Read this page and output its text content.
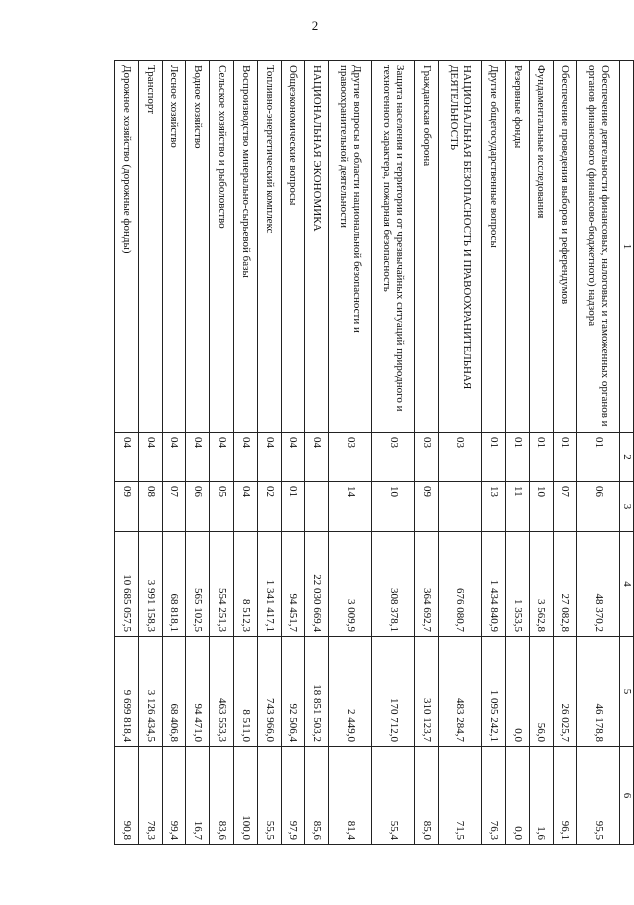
2
1	2	3	4	5	6
Обеспечение деятельности финансовых, налоговых и таможенных органов и органов финансового (финансово-бюджетного) надзора	01	06	48 370,2	46 178,8	95,5
Обеспечение проведения выборов и референдумов	01	07	27 082,8	26 025,7	96,1
Фундаментальные исследования	01	10	3 562,8	56,0	1,6
Резервные фонды	01	11	1 353,5	0,0	0,0
Другие общегосударственные вопросы	01	13	1 434 840,9	1 095 242,1	76,3
НАЦИОНАЛЬНАЯ БЕЗОПАСНОСТЬ И ПРАВООХРАНИТЕЛЬНАЯ ДЕЯТЕЛЬНОСТЬ	03		676 080,7	483 284,7	71,5
Гражданская оборона	03	09	364 692,7	310 123,7	85,0
Защита населения и территории от чрезвычайных ситуаций природного и техногенного характера, пожарная безопасность	03	10	308 378,1	170 712,0	55,4
Другие вопросы в области национальной безопасности и правоохранительной деятельности	03	14	3 009,9	2 449,0	81,4
НАЦИОНАЛЬНАЯ ЭКОНОМИКА	04		22 030 669,4	18 851 503,2	85,6
Общеэкономические вопросы	04	01	94 451,7	92 506,4	97,9
Топливно-энергетический комплекс	04	02	1 341 417,1	743 966,0	55,5
Воспроизводство минерально-сырьевой базы	04	04	8 512,3	8 511,0	100,0
Сельское хозяйство и рыболовство	04	05	554 251,3	463 553,3	83,6
Водное хозяйство	04	06	565 102,5	94 471,0	16,7
Лесное хозяйство	04	07	68 818,1	68 406,8	99,4
Транспорт	04	08	3 991 158,3	3 126 434,5	78,3
Дорожное хозяйство (дорожные фонды)	04	09	10 685 057,5	9 699 818,4	90,8
